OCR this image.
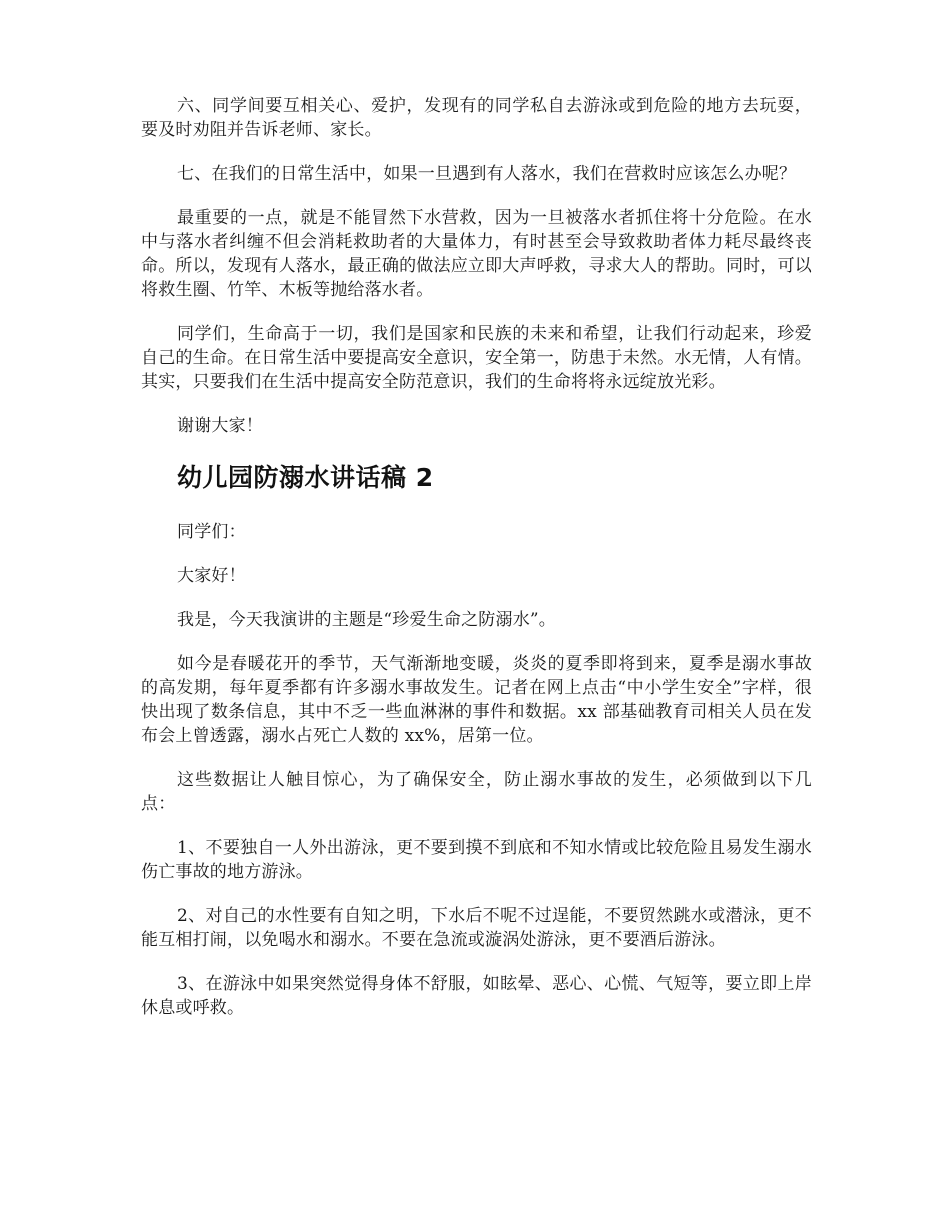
六、同学间要互相关心、爱护，发现有的同学私自去游泳或到危险的地方去玩耍，要及时劝阻并告诉老师、家长。

七、在我们的日常生活中，如果一旦遇到有人落水，我们在营救时应该怎么办呢？

最重要的一点，就是不能冒然下水营救，因为一旦被落水者抓住将十分危险。在水中与落水者纠缠不但会消耗救助者的大量体力，有时甚至会导致救助者体力耗尽最终丧命。所以，发现有人落水，最正确的做法应立即大声呼救，寻求大人的帮助。同时，可以将救生圈、竹竿、木板等抛给落水者。

同学们，生命高于一切，我们是国家和民族的未来和希望，让我们行动起来，珍爱自己的生命。在日常生活中要提高安全意识，安全第一，防患于未然。水无情，人有情。其实，只要我们在生活中提高安全防范意识，我们的生命将将永远绽放光彩。

谢谢大家！

幼儿园防溺水讲话稿 2

同学们：

大家好！

我是，今天我演讲的主题是“珍爱生命之防溺水”。

如今是春暖花开的季节，天气渐渐地变暖，炎炎的夏季即将到来，夏季是溺水事故的高发期，每年夏季都有许多溺水事故发生。记者在网上点击“中小学生安全”字样，很快出现了数条信息，其中不乏一些血淋淋的事件和数据。xx 部基础教育司相关人员在发布会上曾透露，溺水占死亡人数的 xx%，居第一位。

这些数据让人触目惊心，为了确保安全，防止溺水事故的发生，必须做到以下几点：

1、不要独自一人外出游泳，更不要到摸不到底和不知水情或比较危险且易发生溺水伤亡事故的地方游泳。

2、对自己的水性要有自知之明，下水后不呢不过逞能，不要贸然跳水或潜泳，更不能互相打闹，以免喝水和溺水。不要在急流或漩涡处游泳，更不要酒后游泳。

3、在游泳中如果突然觉得身体不舒服，如眩晕、恶心、心慌、气短等，要立即上岸休息或呼救。
